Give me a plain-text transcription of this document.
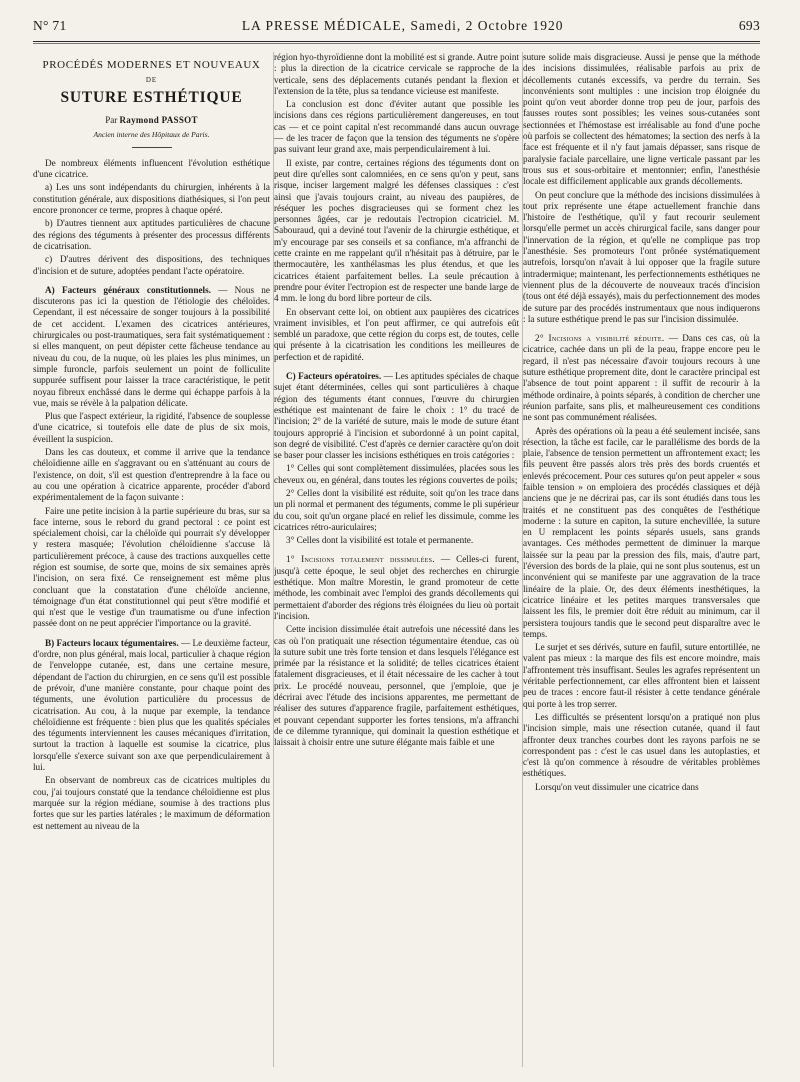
N° 71	LA PRESSE MÉDICALE, Samedi, 2 Octobre 1920	693
PROCÉDÉS MODERNES ET NOUVEAUX
DE
SUTURE ESTHÉTIQUE
Par Raymond PASSOT
Ancien interne des Hôpitaux de Paris.

De nombreux éléments influencent l'évolution esthétique d'une cicatrice.

a) Les uns sont indépendants du chirurgien, inhérents à la constitution générale, aux dispositions diathésiques, si l'on peut encore prononcer ce terme, propres à chaque opéré.

b) D'autres tiennent aux aptitudes particulières de chacune des régions des téguments à présenter des processus différents de cicatrisation.

c) D'autres dérivent des dispositions, des techniques d'incision et de suture, adoptées pendant l'acte opératoire.

A) Facteurs généraux constitutionnels. — Nous ne discuterons pas ici la question de l'étiologie des chéloïdes. Cependant, il est nécessaire de songer toujours à la possibilité de cet accident. L'examen des cicatrices antérieures, chirurgicales ou post-traumatiques, sera fait systématiquement : si elles manquent, on peut dépister cette fâcheuse tendance au niveau du cou, de la nuque, où les plaies les plus minimes, un simple furoncle, parfois seulement un point de folliculite suppurée suffisent pour laisser la trace caractéristique, le petit noyau fibreux enchâssé dans le derme qui échappe parfois à la vue, mais se révèle à la palpation délicate.

Plus que l'aspect extérieur, la rigidité, l'absence de souplesse d'une cicatrice, si toutefois elle date de plus de six mois, éveillent la suspicion.

Dans les cas douteux, et comme il arrive que la tendance chéloïdienne aille en s'aggravant ou en s'atténuant au cours de l'existence, on doit, s'il est question d'entreprendre à la face ou au cou une opération à cicatrice apparente, procéder d'abord expérimentalement de la façon suivante :

Faire une petite incision à la partie supérieure du bras, sur sa face interne, sous le rebord du grand pectoral : ce point est spécialement choisi, car la chéloïde qui pourrait s'y développer y restera masquée; l'évolution chéloïdienne s'accuse là particulièrement précoce, à cause des tractions auxquelles cette région est soumise, de sorte que, moins de six semaines après l'incision, on sera fixé. Ce renseignement est même plus concluant que la constatation d'une chéloïde ancienne, témoignage d'un état constitutionnel qui peut s'être modifié et qui n'est que le vestige d'un traumatisme ou d'une infection passée dont on ne peut apprécier l'importance ou la gravité.

B) Facteurs locaux tégumentaires. — Le deuxième facteur, d'ordre, non plus général, mais local, particulier à chaque région de l'enveloppe cutanée, est, dans une certaine mesure, dépendant de l'action du chirurgien, en ce sens qu'il est possible de prévoir, d'une manière constante, pour chaque point des téguments, une évolution particulière du processus de cicatrisation. Au cou, à la nuque par exemple, la tendance chéloïdienne est fréquente : bien plus que les qualités spéciales des téguments interviennent les causes mécaniques d'irritation, surtout la traction à laquelle est soumise la cicatrice, plus lorsqu'elle s'exerce suivant son axe que perpendiculairement à lui.

En observant de nombreux cas de cicatrices multiples du cou, j'ai toujours constaté que la tendance chéloïdienne est plus marquée sur la région médiane, soumise à des tractions plus fortes que sur les parties latérales ; le maximum de déformation est nettement au niveau de la

région hyo-thyroïdienne dont la mobilité est si grande. Autre point : plus la direction de la cicatrice cervicale se rapproche de la verticale, sens des déplacements cutanés pendant la flexion et l'extension de la tête, plus sa tendance vicieuse est manifeste.

La conclusion est donc d'éviter autant que possible les incisions dans ces régions particulièrement dangereuses, en tout cas — et ce point capital n'est recommandé dans aucun ouvrage — de les tracer de façon que la tension des téguments ne s'opère pas suivant leur grand axe, mais perpendiculairement à lui.

Il existe, par contre, certaines régions des téguments dont on peut dire qu'elles sont calomniées, en ce sens qu'on y peut, sans risque, inciser largement malgré les défenses classiques : c'est ainsi que j'avais toujours craint, au niveau des paupières, de réséquer les poches disgracieuses qui se forment chez les personnes âgées, car je redoutais l'ectropion cicatriciel. M. Sabouraud, qui a deviné tout l'avenir de la chirurgie esthétique, et m'y encourage par ses conseils et sa confiance, m'a affranchi de cette crainte en me rappelant qu'il n'hésitait pas à détruire, par le thermocautère, les xanthélasmas les plus étendus, et que les cicatrices étaient parfaitement belles. La seule précaution à prendre pour éviter l'ectropion est de respecter une bande large de 4 mm. le long du bord libre porteur de cils.

En observant cette loi, on obtient aux paupières des cicatrices vraiment invisibles, et l'on peut affirmer, ce qui autrefois eût semblé un paradoxe, que cette région du corps est, de toutes, celle qui présente à la cicatrisation les conditions les meilleures de perfection et de rapidité.

C) Facteurs opératoires. — Les aptitudes spéciales de chaque sujet étant déterminées, celles qui sont particulières à chaque région des téguments étant connues, l'œuvre du chirurgien esthétique est maintenant de faire le choix : 1° du tracé de l'incision; 2° de la variété de suture, mais le mode de suture étant toujours approprié à l'incision et subordonné à un point capital, son degré de visibilité. C'est d'après ce dernier caractère qu'on doit se baser pour classer les incisions esthétiques en trois catégories :

1° Celles qui sont complètement dissimulées, placées sous les cheveux ou, en général, dans toutes les régions couvertes de poils;

2° Celles dont la visibilité est réduite, soit qu'on les trace dans un pli normal et permanent des téguments, comme le pli supérieur du cou, soit qu'un organe placé en relief les dissimule, comme les cicatrices rétro-auriculaires;

3° Celles dont la visibilité est totale et permanente.

1° Incisions totalement dissimulées. — Celles-ci furent, jusqu'à cette époque, le seul objet des recherches en chirurgie esthétique. Mon maître Morestin, le grand promoteur de cette méthode, les combinait avec l'emploi des grands décollements qui permettaient d'aborder des régions très éloignées du lieu où portait l'incision.

Cette incision dissimulée était autrefois une nécessité dans les cas où l'on pratiquait une résection tégumentaire étendue, cas où la suture subit une très forte tension et dans lesquels l'élégance est primée par la résistance et la solidité; de telles cicatrices étaient fatalement disgracieuses, et il était nécessaire de les cacher à tout prix. Le procédé nouveau, personnel, que j'emploie, que je décrirai avec l'étude des incisions apparentes, me permettant de réaliser des sutures d'apparence fragile, parfaitement esthétiques, et pouvant cependant supporter les fortes tensions, m'a affranchi de ce dilemme tyrannique, qui dominait la question esthétique et laissait à choisir entre une suture élégante mais faible et une

suture solide mais disgracieuse. Aussi je pense que la méthode des incisions dissimulées, réalisable parfois au prix de décollements cutanés excessifs, va perdre du terrain. Ses inconvénients sont multiples : une incision trop éloignée du point qu'on veut aborder donne trop peu de jour, parfois des fausses routes sont possibles; les veines sous-cutanées sont sectionnées et l'hémostase est irréalisable au fond d'une poche où parfois se collectent des hématomes; la section des nerfs à la face est fréquente et il n'y faut jamais dépasser, sans risque de paralysie faciale parcellaire, une ligne verticale passant par les trous sus et sous-orbitaire et mentonnier; enfin, l'anesthésie locale est difficilement applicable aux grands décollements.

On peut conclure que la méthode des incisions dissimulées à tout prix représente une étape actuellement franchie dans l'histoire de l'esthétique, qu'il y faut recourir seulement lorsqu'elle permet un accès chirurgical facile, sans danger pour l'innervation de la région, et qu'elle ne complique pas trop l'anesthésie. Ses promoteurs l'ont prônée systématiquement autrefois, lorsqu'on n'avait à lui opposer que la fragile suture intradermique; maintenant, les perfectionnements esthétiques ne viennent plus de la découverte de nouveaux tracés d'incision (tous ont été déjà essayés), mais du perfectionnement des modes de suture par des procédés instrumentaux que nous indiquerons : la suture esthétique prend le pas sur l'incision dissimulée.

2° Incisions a visibilité réduite. — Dans ces cas, où la cicatrice, cachée dans un pli de la peau, frappe encore peu le regard, il n'est pas nécessaire d'avoir toujours recours à une suture esthétique proprement dite, dont le caractère principal est l'absence de tout point apparent : il suffit de recourir à la méthode ordinaire, à points séparés, à condition de chercher une réunion parfaite, sans plis, et malheureusement ces conditions ne sont pas communément réalisées.

Après des opérations où la peau a été seulement incisée, sans résection, la tâche est facile, car le parallélisme des bords de la plaie, l'absence de tension permettent un affrontement exact; les fils peuvent être passés alors très près des bords cruentés et enlevés précocement. Pour ces sutures qu'on peut appeler « sous faible tension » on emploiera des procédés classiques et déjà anciens que je ne décrirai pas, car ils sont étudiés dans tous les traités et ne constituent pas des conquêtes de l'esthétique moderne : la suture en capiton, la suture enchevillée, la suture en U remplacent les points séparés usuels, sans grands avantages. Ces méthodes permettent de diminuer la marque laissée sur la peau par la pression des fils, mais, d'autre part, l'éversion des bords de la plaie, qui ne sont plus soutenus, est un inconvénient qui se manifeste par une aggravation de la trace linéaire de la plaie. Or, des deux éléments inesthétiques, la cicatrice linéaire et les petites marques transversales que laissent les fils, le premier doit être réduit au minimum, car il persistera toujours tandis que le second peut disparaître avec le temps.

Le surjet et ses dérivés, suture en faufil, suture entortillée, ne valent pas mieux : la marque des fils est encore moindre, mais l'affrontement très insuffisant. Seules les agrafes représentent un véritable perfectionnement, car elles affrontent bien et laissent peu de traces : encore faut-il résister à cette tendance générale qui porte à les trop serrer.

Les difficultés se présentent lorsqu'on a pratiqué non plus l'incision simple, mais une résection cutanée, quand il faut affronter deux tranches courbes dont les rayons parfois ne se correspondent pas : c'est le cas usuel dans les autoplasties, et c'est là qu'on commence à résoudre de véritables problèmes esthétiques.

Lorsqu'on veut dissimuler une cicatrice dans
